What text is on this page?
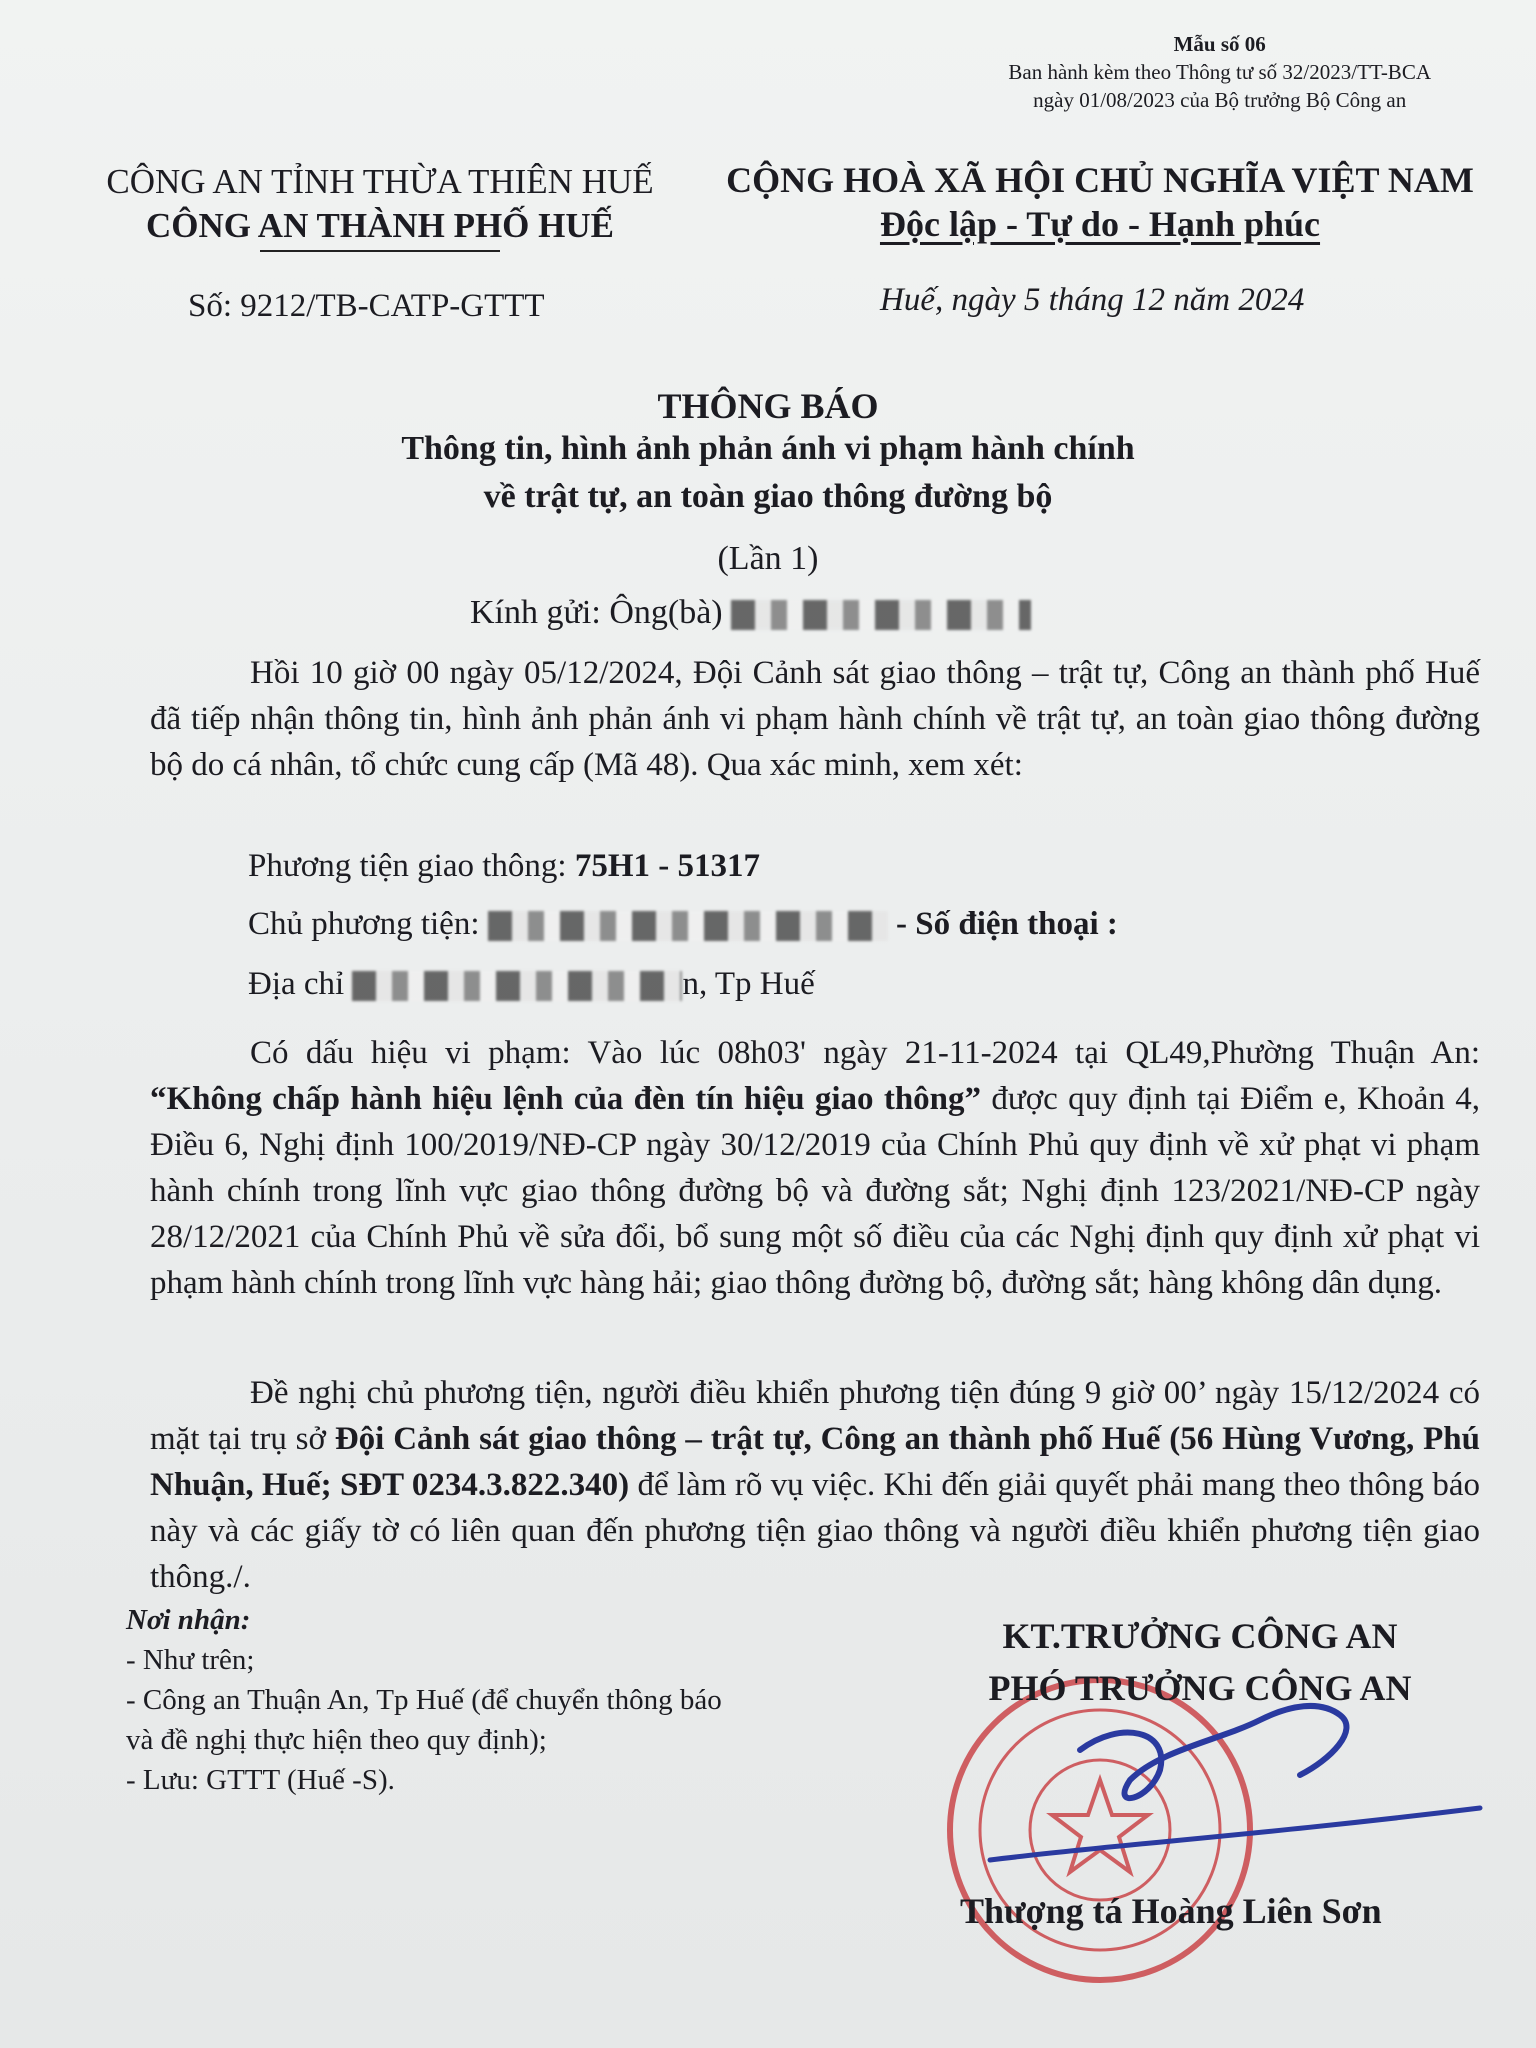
Mẫu số 06
Ban hành kèm theo Thông tư số 32/2023/TT-BCA
ngày 01/08/2023 của Bộ trưởng Bộ Công an
CÔNG AN TỈNH THỪA THIÊN HUẾ
CÔNG AN THÀNH PHỐ HUẾ
CỘNG HOÀ XÃ HỘI CHỦ NGHĨA VIỆT NAM
Độc lập - Tự do - Hạnh phúc
Số: 9212/TB-CATP-GTTT	Huế, ngày 5 tháng 12 năm 2024
THÔNG BÁO
Thông tin, hình ảnh phản ánh vi phạm hành chính
về trật tự, an toàn giao thông đường bộ
(Lần 1)
Kính gửi: Ông(bà)
Hồi 10 giờ 00 ngày 05/12/2024, Đội Cảnh sát giao thông – trật tự, Công an thành phố Huế đã tiếp nhận thông tin, hình ảnh phản ánh vi phạm hành chính về trật tự, an toàn giao thông đường bộ do cá nhân, tổ chức cung cấp (Mã 48). Qua xác minh, xem xét:
Phương tiện giao thông: 75H1 - 51317
Chủ phương tiện:	- Số điện thoại :
Địa chỉ	n, Tp Huế
Có dấu hiệu vi phạm: Vào lúc 08h03' ngày 21-11-2024 tại QL49,Phường Thuận An: “Không chấp hành hiệu lệnh của đèn tín hiệu giao thông” được quy định tại Điểm e, Khoản 4, Điều 6, Nghị định 100/2019/NĐ-CP ngày 30/12/2019 của Chính Phủ quy định về xử phạt vi phạm hành chính trong lĩnh vực giao thông đường bộ và đường sắt; Nghị định 123/2021/NĐ-CP ngày 28/12/2021 của Chính Phủ về sửa đổi, bổ sung một số điều của các Nghị định quy định xử phạt vi phạm hành chính trong lĩnh vực hàng hải; giao thông đường bộ, đường sắt; hàng không dân dụng.
Đề nghị chủ phương tiện, người điều khiển phương tiện đúng 9 giờ 00’ ngày 15/12/2024 có mặt tại trụ sở Đội Cảnh sát giao thông – trật tự, Công an thành phố Huế (56 Hùng Vương, Phú Nhuận, Huế; SĐT 0234.3.822.340) để làm rõ vụ việc. Khi đến giải quyết phải mang theo thông báo này và các giấy tờ có liên quan đến phương tiện giao thông và người điều khiển phương tiện giao thông./.
Nơi nhận:
- Như trên;
- Công an Thuận An, Tp Huế (để chuyển thông báo
và đề nghị thực hiện theo quy định);
- Lưu: GTTT (Huế -S).
KT.TRƯỞNG CÔNG AN
PHÓ TRƯỞNG CÔNG AN
Thượng tá Hoàng Liên Sơn
